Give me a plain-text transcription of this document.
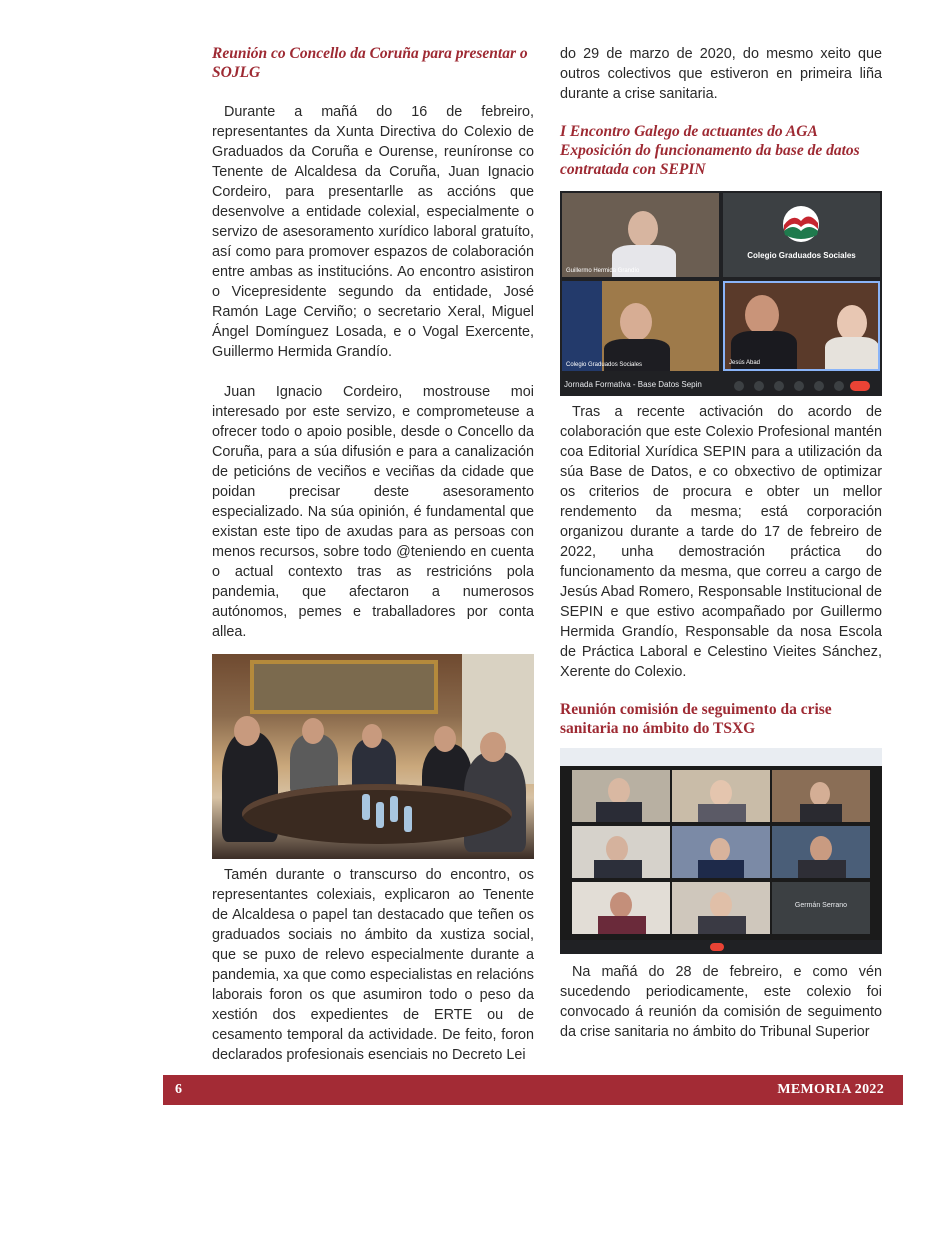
Reunión co Concello da Coruña para presentar o SOJLG

Durante a mañá do 16 de febreiro, representantes da Xunta Directiva do Colexio de Graduados da Coruña e Ourense, reuníronse co Tenente de Alcaldesa da Coruña, Juan Ignacio Cordeiro, para presentarlle as accións que desenvolve a entidade colexial, especialmente o servizo de asesoramento xurídico laboral gratuíto, así como para promover espazos de colaboración entre ambas as institucións. Ao encontro asistiron o Vicepresidente segundo da entidade, José Ramón Lage Cerviño; o secretario Xeral, Miguel Ángel Domínguez Losada, e o Vogal Exercente, Guillermo Hermida Grandío.

Juan Ignacio Cordeiro, mostrouse moi interesado por este servizo, e comprometeuse a ofrecer todo o apoio posible, desde o Concello da Coruña, para a súa difusión e para a canalización de peticións de veciños e veciñas da cidade que poidan precisar deste asesoramento especializado. Na súa opinión, é fundamental que existan este tipo de axudas para as persoas con menos recursos, sobre todo @teniendo en cuenta o actual contexto tras as restricións pola pandemia, que afectaron a numerosos autónomos, pemes e traballadores por conta allea.

Tamén durante o transcurso do encontro, os representantes colexiais, explicaron ao Tenente de Alcaldesa o papel tan destacado que teñen os graduados sociais no ámbito da xustiza social, que se puxo de relevo especialmente durante a pandemia, xa que como especialistas en relacións laborais foron os que asumiron todo o peso da xestión dos expedientes de ERTE ou de cesamento temporal da actividade. De feito, foron declarados profesionais esenciais no Decreto Lei

do 29 de marzo de 2020, do mesmo xeito que outros colectivos que estiveron en primeira liña durante a crise sanitaria.

I Encontro Galego de actuantes do AGA Exposición do funcionamento da base de datos contratada con SEPIN
Guillermo Hermida Grandío
Colegio Graduados Sociales
Colegio Graduados Sociales	Jesús Abad
Jornada Formativa - Base Datos Sepin

Tras a recente activación do acordo de colaboración que este Colexio Profesional mantén coa Editorial Xurídica SEPIN para a utilización da súa Base de Datos, e co obxectivo de optimizar os criterios de procura e obter un mellor rendemento da mesma; está corporación organizou durante a tarde do 17 de febreiro de 2022, unha demostración práctica do funcionamento da mesma, que correu a cargo de Jesús Abad Romero, Responsable Institucional de SEPIN e que estivo acompañado por Guillermo Hermida Grandío, Responsable da nosa Escola de Práctica Laboral e Celestino Vieites Sánchez, Xerente do Colexio.

Reunión comisión de seguimento da crise sanitaria no ámbito do TSXG
Germán Serrano

Na mañá do 28 de febreiro, e como vén sucedendo periodicamente, este colexio foi convocado á reunión da comisión de seguimento da crise sanitaria no ámbito do Tribunal Superior

6	MEMORIA 2022
